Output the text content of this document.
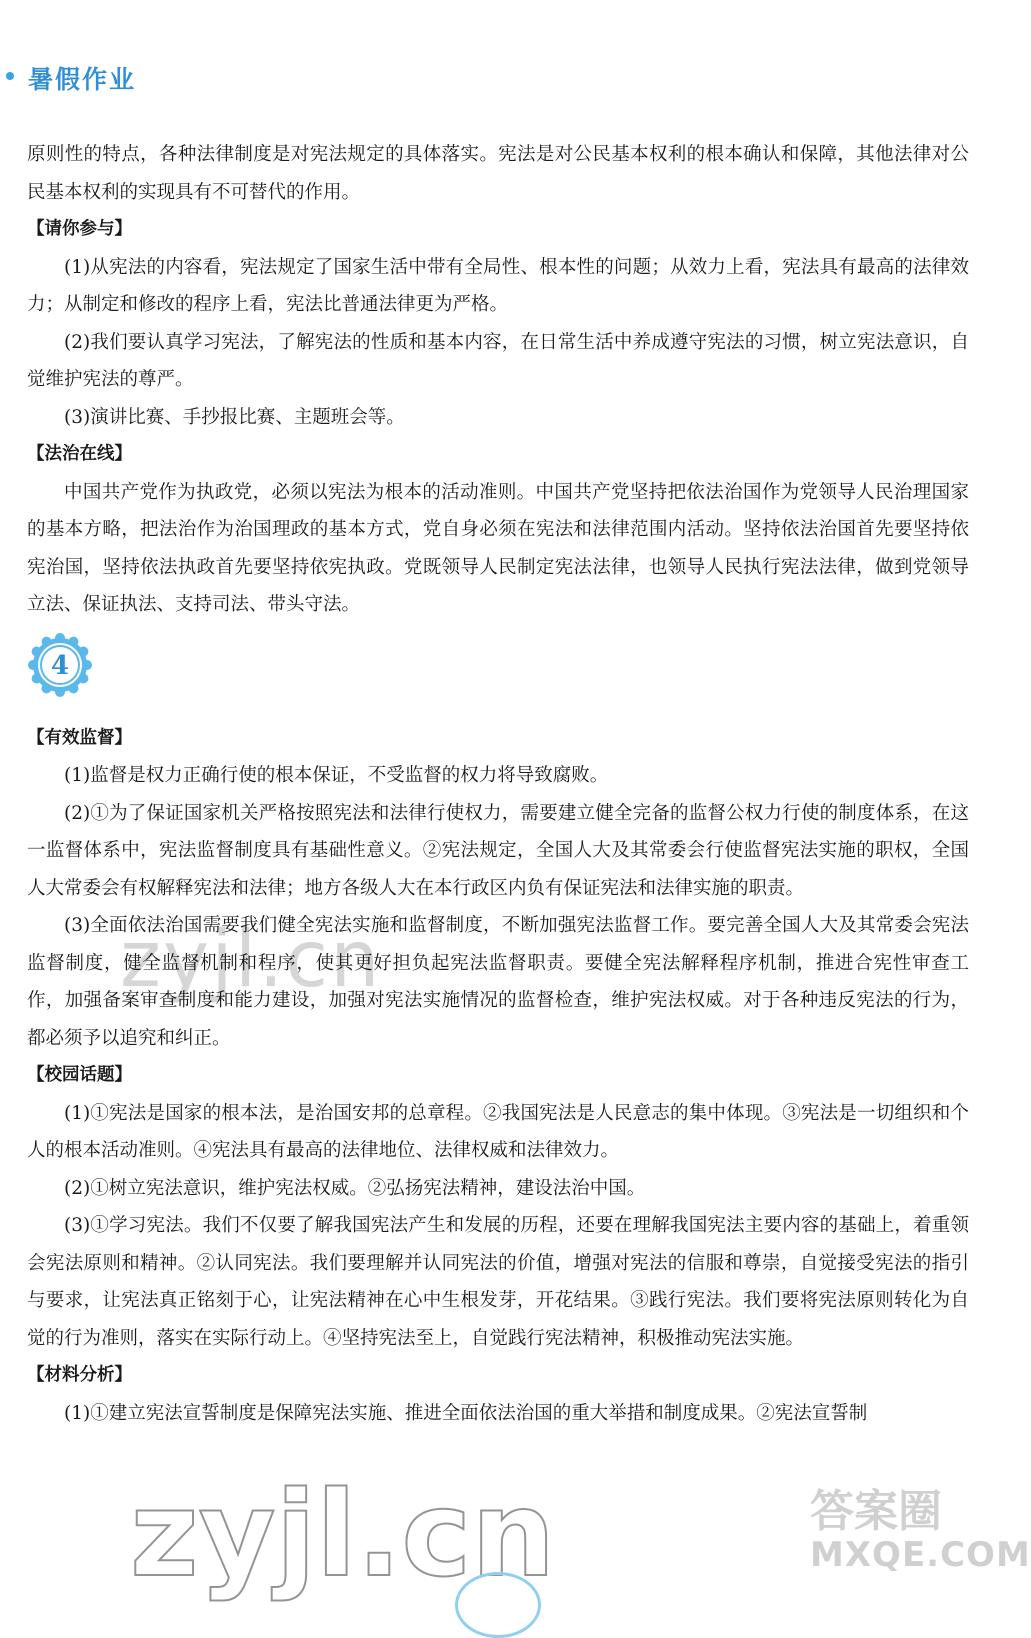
暑假作业

原则性的特点，各种法律制度是对宪法规定的具体落实。宪法是对公民基本权利的根本确认和保障，其他法律对公民基本权利的实现具有不可替代的作用。

【请你参与】

(1)从宪法的内容看，宪法规定了国家生活中带有全局性、根本性的问题；从效力上看，宪法具有最高的法律效力；从制定和修改的程序上看，宪法比普通法律更为严格。

(2)我们要认真学习宪法，了解宪法的性质和基本内容，在日常生活中养成遵守宪法的习惯，树立宪法意识，自觉维护宪法的尊严。

(3)演讲比赛、手抄报比赛、主题班会等。

【法治在线】

中国共产党作为执政党，必须以宪法为根本的活动准则。中国共产党坚持把依法治国作为党领导人民治理国家的基本方略，把法治作为治国理政的基本方式，党自身必须在宪法和法律范围内活动。坚持依法治国首先要坚持依宪治国，坚持依法执政首先要坚持依宪执政。党既领导人民制定宪法法律，也领导人民执行宪法法律，做到党领导立法、保证执法、支持司法、带头守法。

4

【有效监督】

(1)监督是权力正确行使的根本保证，不受监督的权力将导致腐败。

(2)①为了保证国家机关严格按照宪法和法律行使权力，需要建立健全完备的监督公权力行使的制度体系，在这一监督体系中，宪法监督制度具有基础性意义。②宪法规定，全国人大及其常委会行使监督宪法实施的职权，全国人大常委会有权解释宪法和法律；地方各级人大在本行政区内负有保证宪法和法律实施的职责。

(3)全面依法治国需要我们健全宪法实施和监督制度，不断加强宪法监督工作。要完善全国人大及其常委会宪法监督制度，健全监督机制和程序，使其更好担负起宪法监督职责。要健全宪法解释程序机制，推进合宪性审查工作，加强备案审查制度和能力建设，加强对宪法实施情况的监督检查，维护宪法权威。对于各种违反宪法的行为，都必须予以追究和纠正。

【校园话题】

(1)①宪法是国家的根本法，是治国安邦的总章程。②我国宪法是人民意志的集中体现。③宪法是一切组织和个人的根本活动准则。④宪法具有最高的法律地位、法律权威和法律效力。

(2)①树立宪法意识，维护宪法权威。②弘扬宪法精神，建设法治中国。

(3)①学习宪法。我们不仅要了解我国宪法产生和发展的历程，还要在理解我国宪法主要内容的基础上，着重领会宪法原则和精神。②认同宪法。我们要理解并认同宪法的价值，增强对宪法的信服和尊崇，自觉接受宪法的指引与要求，让宪法真正铭刻于心，让宪法精神在心中生根发芽，开花结果。③践行宪法。我们要将宪法原则转化为自觉的行为准则，落实在实际行动上。④坚持宪法至上，自觉践行宪法精神，积极推动宪法实施。

【材料分析】

(1)①建立宪法宣誓制度是保障宪法实施、推进全面依法治国的重大举措和制度成果。②宪法宣誓制

zyjl.cn
zyjl.cn	答案圈
MXQE.COM
